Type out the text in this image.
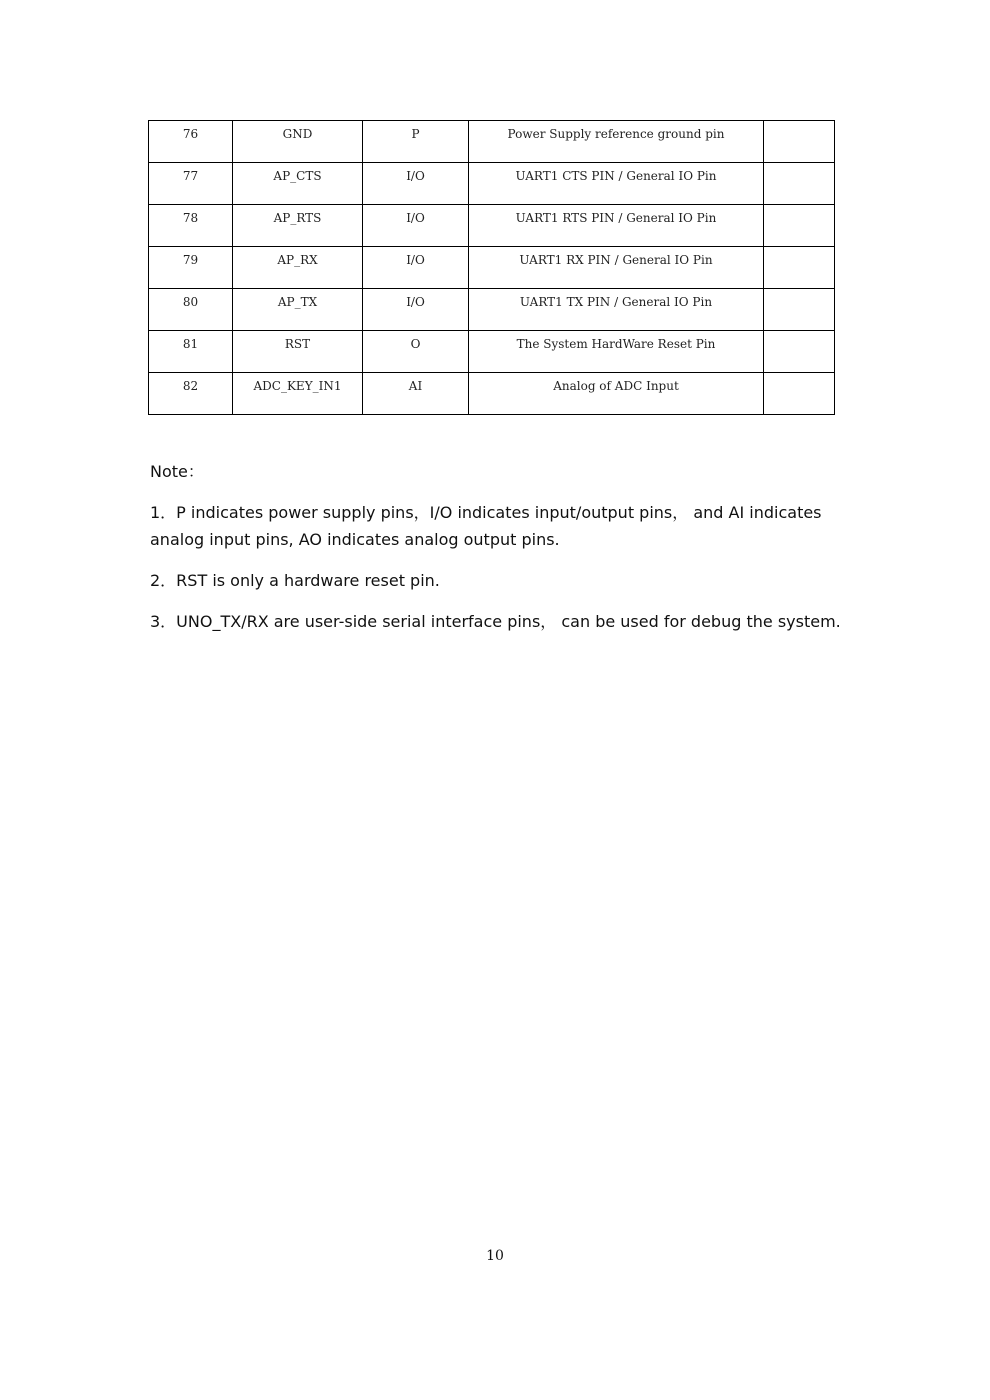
76	GND	P	Power Supply reference ground pin	
77	AP_CTS	I/O	UART1 CTS PIN / General IO Pin	
78	AP_RTS	I/O	UART1 RTS PIN / General IO Pin	
79	AP_RX	I/O	UART1 RX PIN / General IO Pin	
80	AP_TX	I/O	UART1 TX PIN / General IO Pin	
81	RST	O	The System HardWare Reset Pin	
82	ADC_KEY_IN1	AI	Analog of ADC Input	

Note：

1．P indicates power supply pins，I/O indicates input/output pins， and AI indicates analog input pins, AO indicates analog output pins.

2．RST is only a hardware reset pin.

3．UNO_TX/RX are user-side serial interface pins， can be used for debug the system.

10
